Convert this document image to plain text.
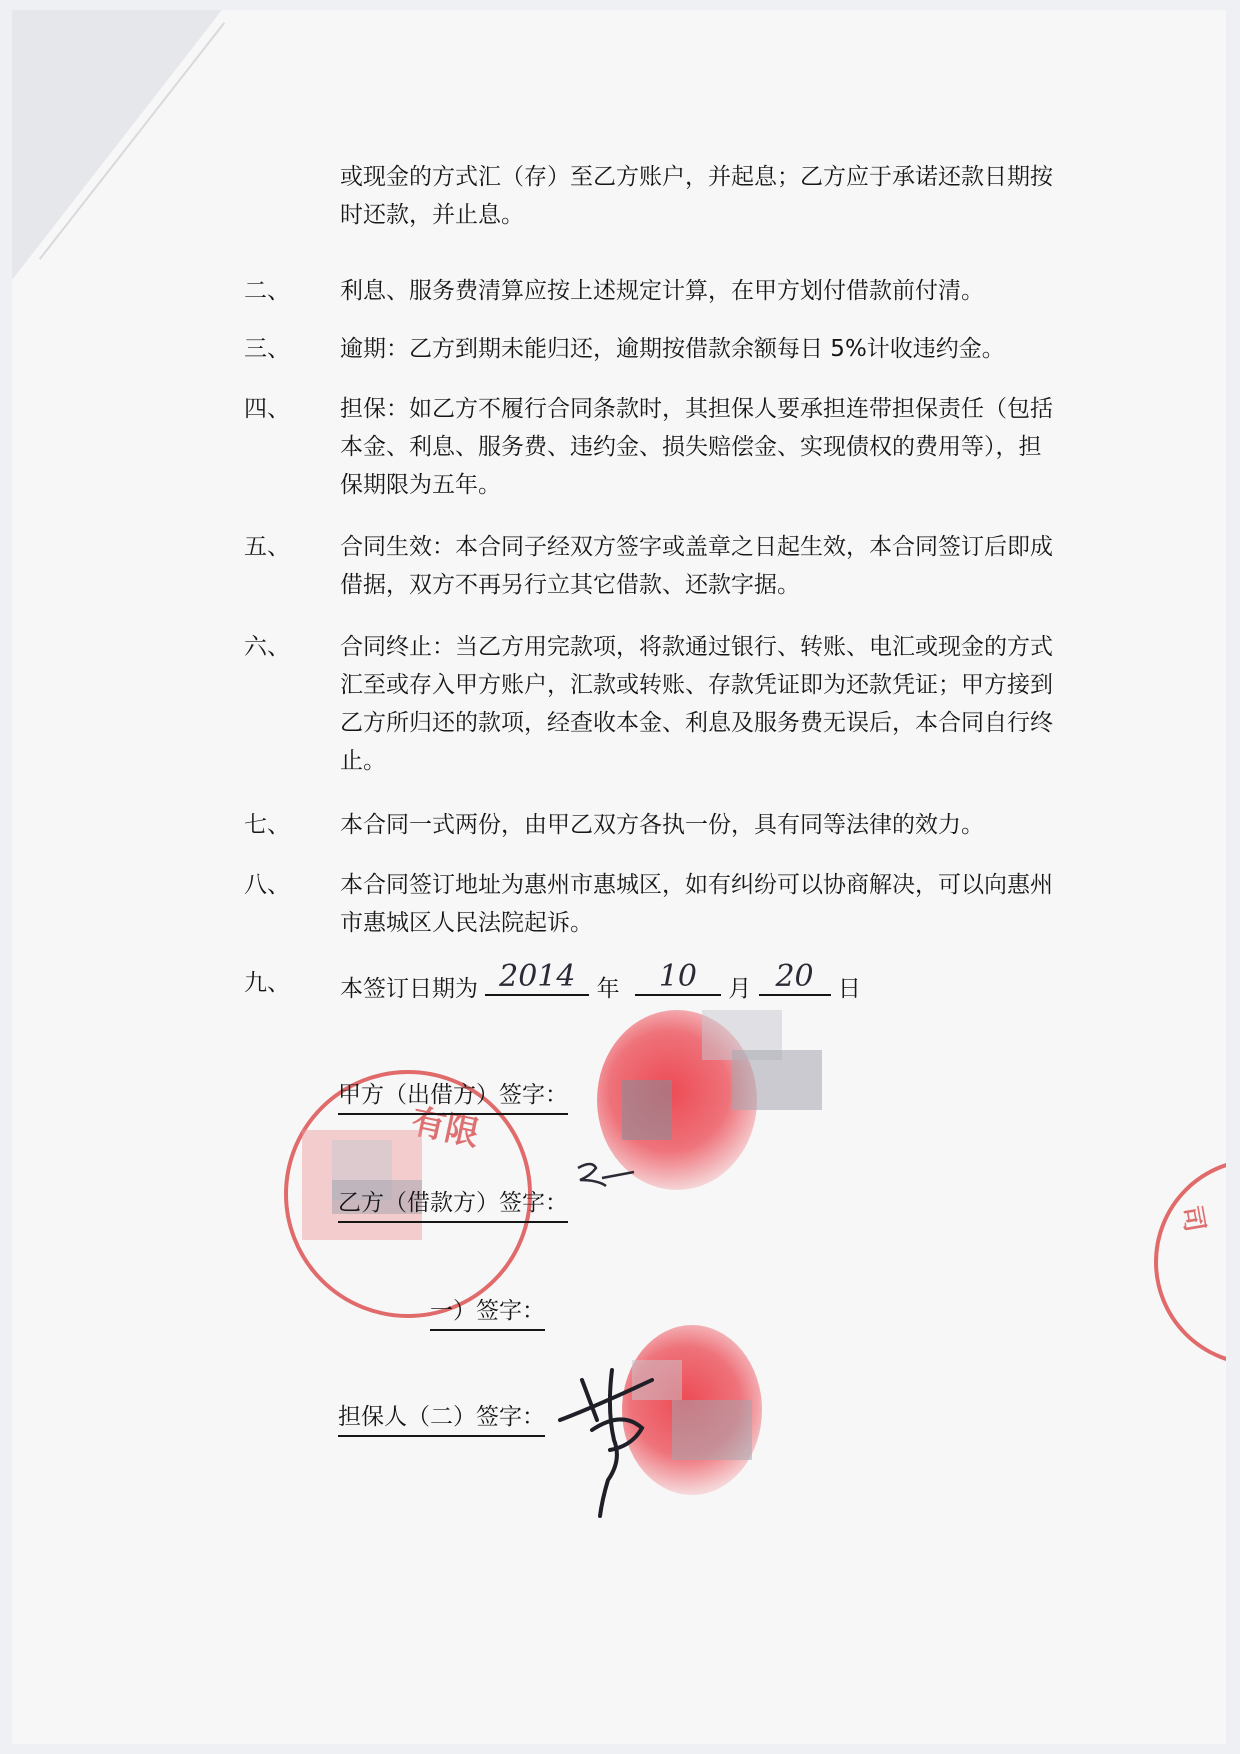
有限
司
或现金的方式汇（存）至乙方账户，并起息；乙方应于承诺还款日期按时还款，并止息。
二、	利息、服务费清算应按上述规定计算，在甲方划付借款前付清。
三、	逾期：乙方到期未能归还，逾期按借款余额每日 5%计收违约金。
四、	担保：如乙方不履行合同条款时，其担保人要承担连带担保责任（包括本金、利息、服务费、违约金、损失赔偿金、实现债权的费用等），担保期限为五年。
五、	合同生效：本合同子经双方签字或盖章之日起生效，本合同签订后即成借据，双方不再另行立其它借款、还款字据。
六、	合同终止：当乙方用完款项，将款通过银行、转账、电汇或现金的方式汇至或存入甲方账户，汇款或转账、存款凭证即为还款凭证；甲方接到乙方所归还的款项，经查收本金、利息及服务费无误后，本合同自行终止。
七、	本合同一式两份，由甲乙双方各执一份，具有同等法律的效力。
八、	本合同签订地址为惠州市惠城区，如有纠纷可以协商解决，可以向惠州市惠城区人民法院起诉。
九、	本签订日期为 2014 年	10	月 20	日
甲方（出借方）签字：
乙方（借款方）签字：
一）签字：
担保人（二）签字：
